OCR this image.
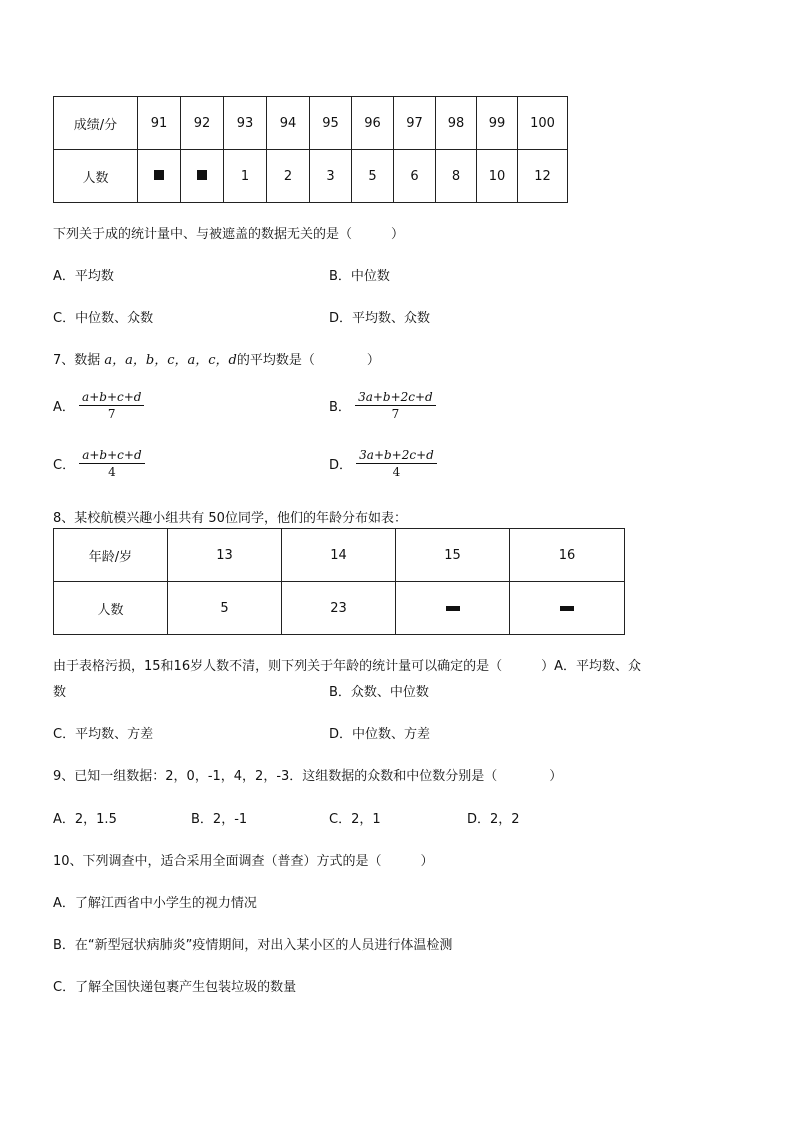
成绩/分	91	92	93	94	95	96	97	98	99	100
人数			1	2	3	5	6	8	10	12
下列关于成的统计量中、与被遮盖的数据无关的是（　　　）
A．平均数	B．中位数
C．中位数、众数	D．平均数、众数
7、数据 a，a，b，c，a，c，d的平均数是（　　　　）
A． $\frac{a+b+c+d}{7}$	B． $\frac{3a+b+2c+d}{7}$
C． $\frac{a+b+c+d}{4}$	D． $\frac{3a+b+2c+d}{4}$
8、某校航模兴趣小组共有 50位同学，他们的年龄分布如表：
年龄/岁	13	14	15	16
人数	5	23		
由于表格污损，15和16岁人数不清，则下列关于年龄的统计量可以确定的是（　　　）A．平均数、众
数	B．众数、中位数
C．平均数、方差	D．中位数、方差
9、已知一组数据：2，0，-1，4，2，-3．这组数据的众数和中位数分别是（　　　　）
A．2，1.5	B．2，-1	C．2，1	D．2，2
10、下列调查中，适合采用全面调查（普查）方式的是（　　　）
A．了解江西省中小学生的视力情况
B．在“新型冠状病肺炎”疫情期间，对出入某小区的人员进行体温检测
C．了解全国快递包裹产生包装垃圾的数量
